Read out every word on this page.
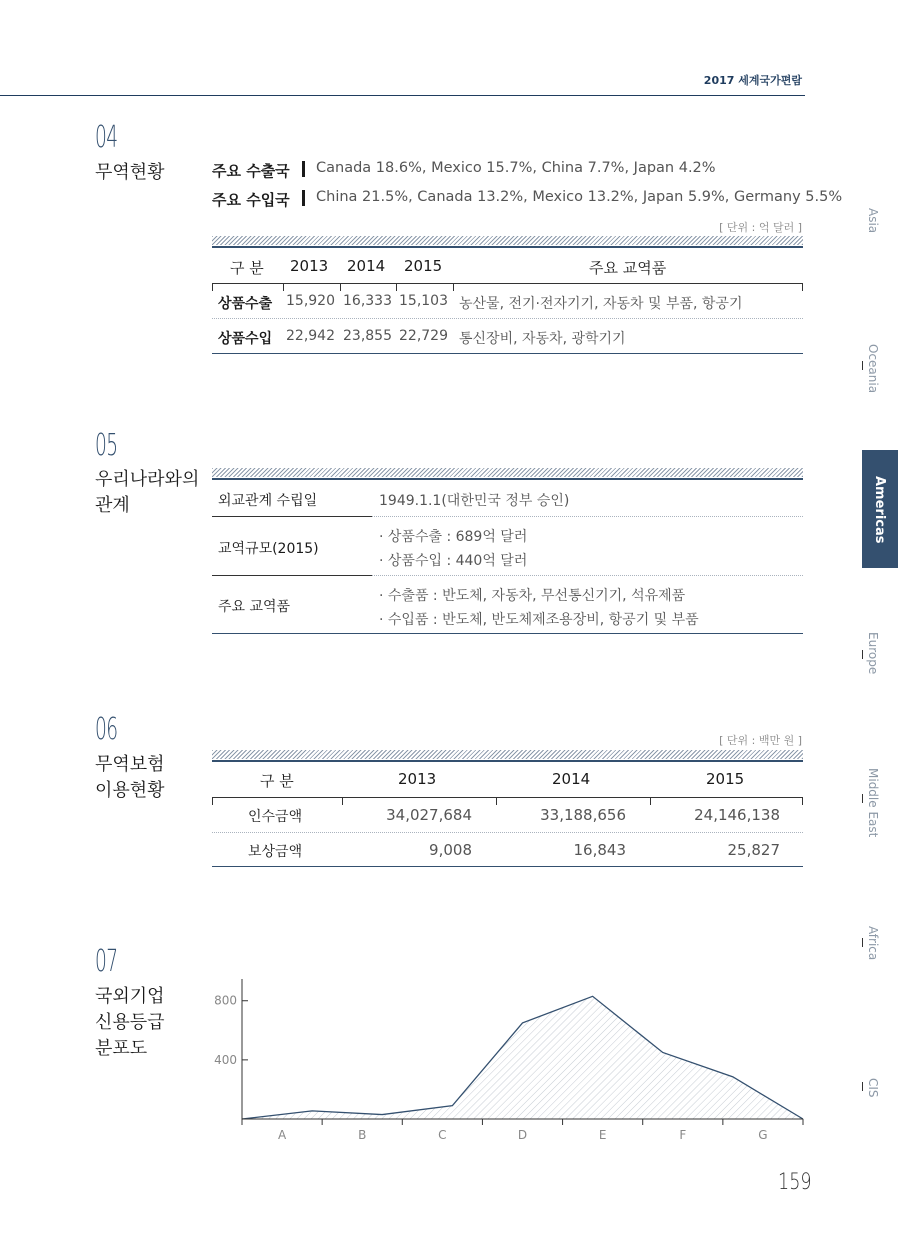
2017 세계국가편람
Asia
Oceania
Americas
Europe
Middle East
Africa
CIS
04
무역현황	주요 수출국 Canada 18.6%, Mexico 15.7%, China 7.7%, Japan 4.2%
주요 수입국 China 21.5%, Canada 13.2%, Mexico 13.2%, Japan 5.9%, Germany 5.5%
[ 단위 : 억 달러 ]
구 분 2013 2014 2015	주요 교역품
상품수출 15,920 16,333 15,103 농산물, 전기·전자기기, 자동차 및 부품, 항공기
상품수입 22,942 23,855 22,729 통신장비, 자동차, 광학기기
05
우리나라와의
관계	외교관계 수립일	1949.1.1(대한민국 정부 승인)
교역규모(2015)
· 상품수출 : 689억 달러
· 상품수입 : 440억 달러
주요 교역품
· 수출품 : 반도체, 자동차, 무선통신기기, 석유제품
· 수입품 : 반도체, 반도체제조용장비, 항공기 및 부품
06
무역보험
이용현황
[ 단위 : 백만 원 ]
구 분	2013	2014	2015
인수금액	34,027,684	33,188,656	24,146,138
보상금액	9,008	16,843	25,827
07
국외기업
신용등급
분포도
400
800
A	B	C	D	E	F	G
159
